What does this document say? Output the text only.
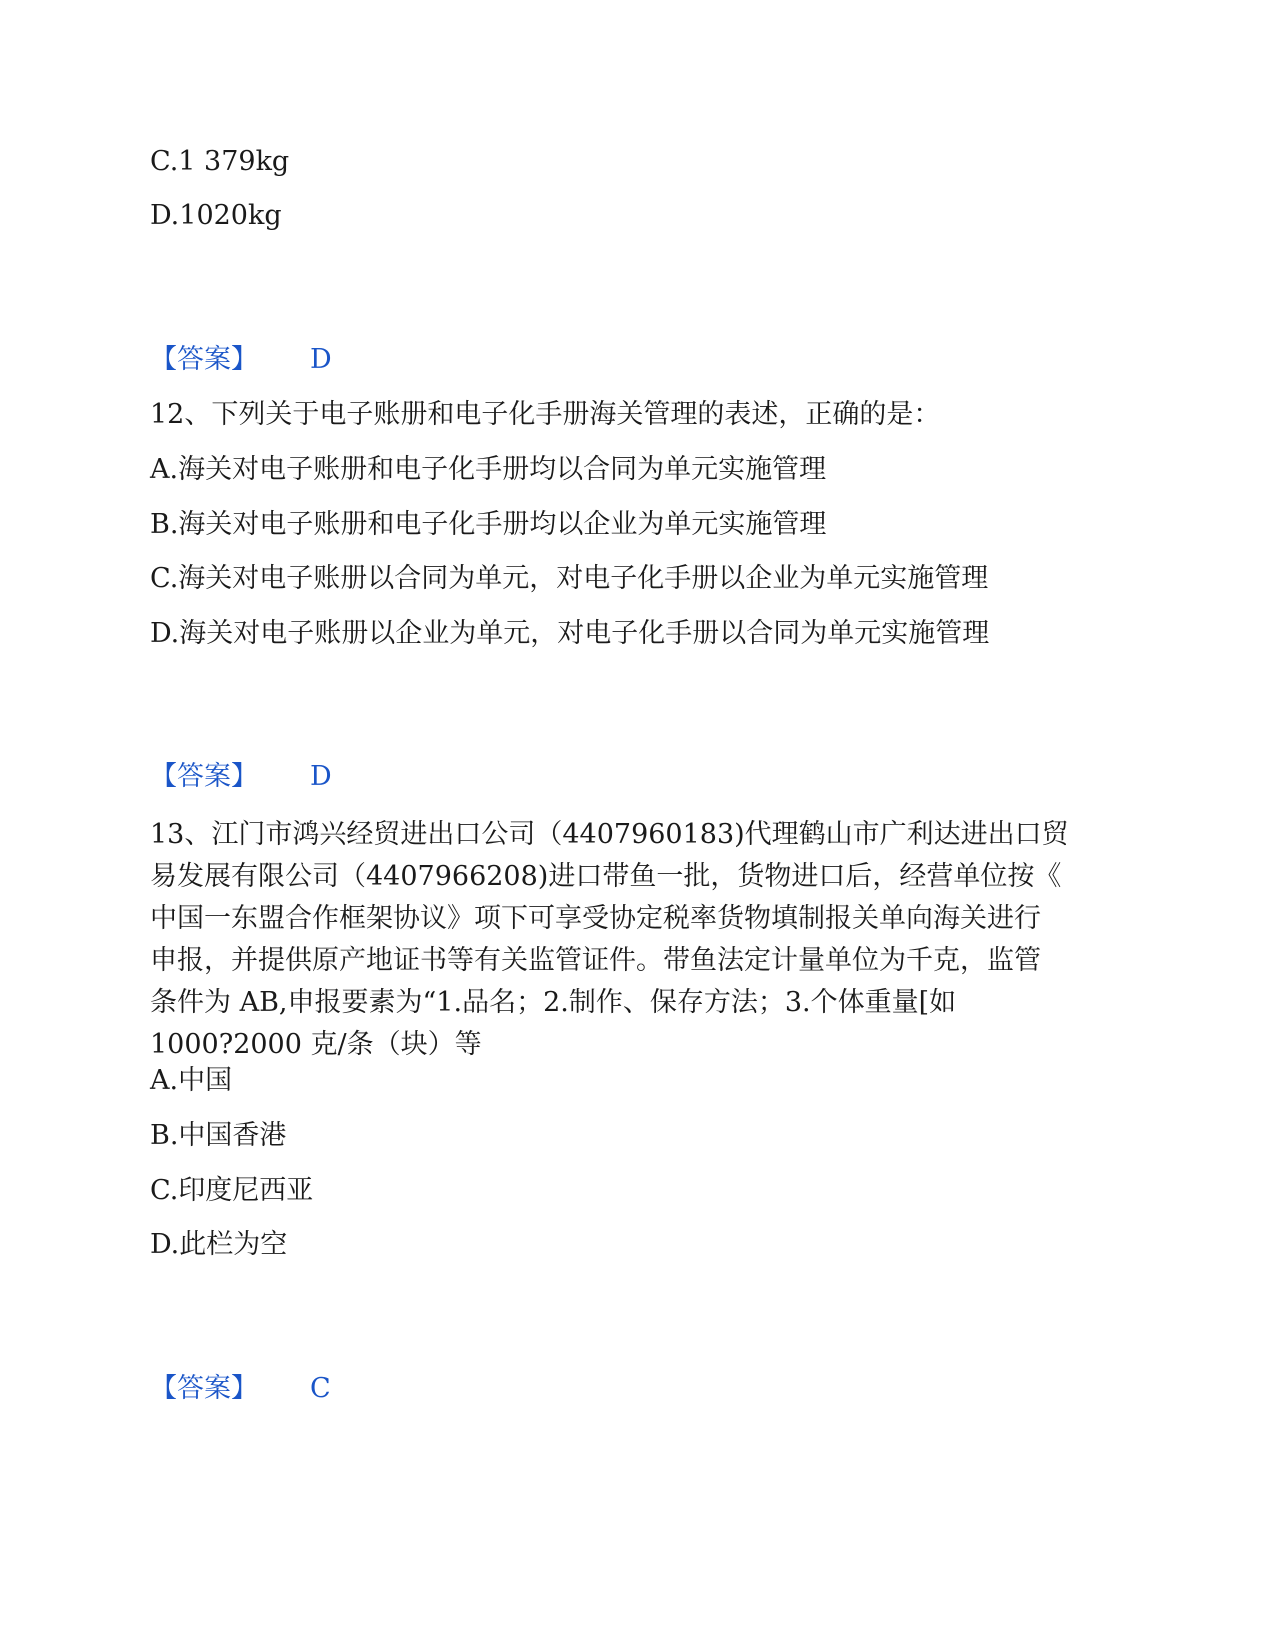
C.1 379kg
D.1020kg
【答案】 D
12、下列关于电子账册和电子化手册海关管理的表述，正确的是：
A.海关对电子账册和电子化手册均以合同为单元实施管理
B.海关对电子账册和电子化手册均以企业为单元实施管理
C.海关对电子账册以合同为单元，对电子化手册以企业为单元实施管理
D.海关对电子账册以企业为单元，对电子化手册以合同为单元实施管理
【答案】 D
13、江门市鸿兴经贸进出口公司（4407960183)代理鹤山市广利达进出口贸
易发展有限公司（4407966208)进口带鱼一批，货物进口后，经营单位按《
中国一东盟合作框架协议》项下可享受协定税率货物填制报关单向海关进行
申报，并提供原产地证书等有关监管证件。带鱼法定计量单位为千克，监管
条件为 AB,申报要素为“1.品名；2.制作、保存方法；3.个体重量[如
1000?2000 克/条（块）等
A.中国
B.中国香港
C.印度尼西亚
D.此栏为空
【答案】 C
